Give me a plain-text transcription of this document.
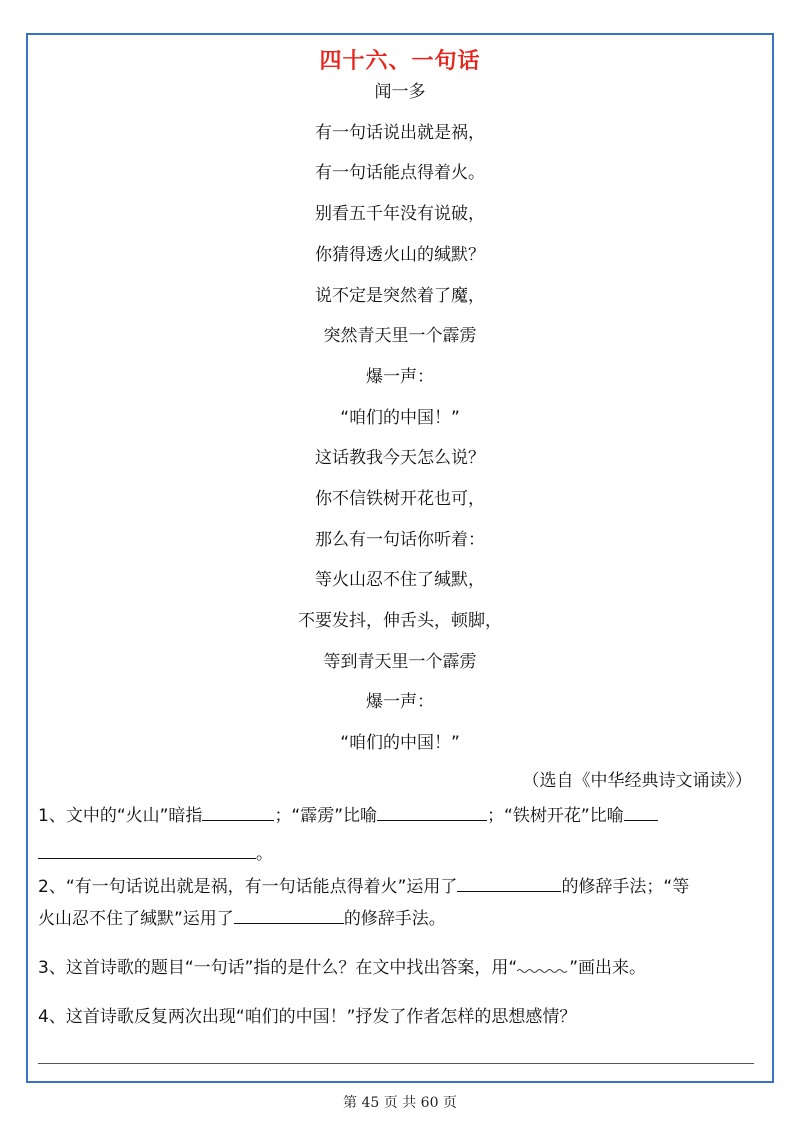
四十六、一句话
闻一多
有一句话说出就是祸，
有一句话能点得着火。
别看五千年没有说破，
你猜得透火山的缄默？
说不定是突然着了魔，
突然青天里一个霹雳
爆一声：
“咱们的中国！”
这话教我今天怎么说？
你不信铁树开花也可，
那么有一句话你听着：
等火山忍不住了缄默，
不要发抖，伸舌头，顿脚，
等到青天里一个霹雳
爆一声：
“咱们的中国！”
（选自《中华经典诗文诵读》）
1、文中的“火山”暗指	；“霹雳”比喻	；“铁树开花”比喻
。
2、“有一句话说出就是祸，有一句话能点得着火”运用了	的修辞手法；“等
火山忍不住了缄默”运用了	的修辞手法。
3、这首诗歌的题目“一句话”指的是什么？在文中找出答案，用“	”画出来。
4、这首诗歌反复两次出现“咱们的中国！”抒发了作者怎样的思想感情？
第 45 页 共 60 页
